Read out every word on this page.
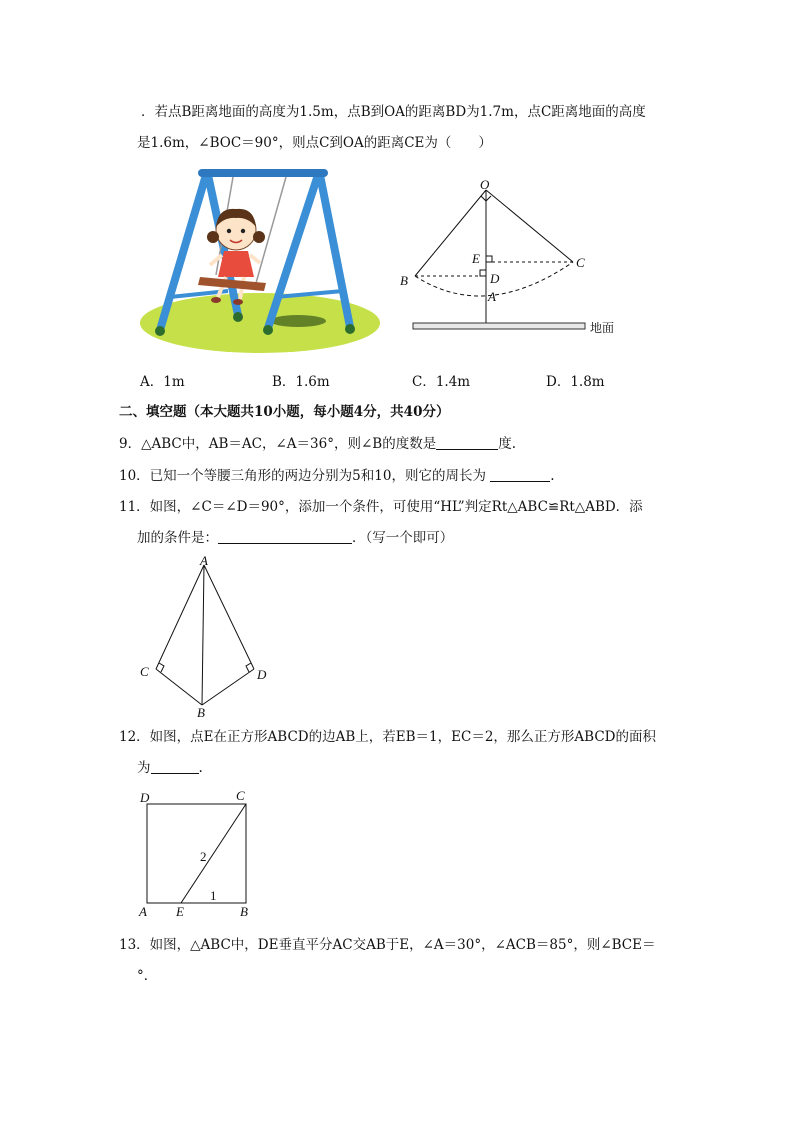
．若点B距离地面的高度为1.5m，点B到OA的距离BD为1.7m，点C距离地面的高度
是1.6m，∠BOC＝90°，则点C到OA的距离CE为（　　）
O
C
E
D
B
A
地面
A．1m	B．1.6m	C．1.4m	D．1.8m
二、填空题（本大题共10小题，每小题4分，共40分）
9．△ABC中，AB＝AC，∠A＝36°，则∠B的度数是	度.
10．已知一个等腰三角形的两边分别为5和10，则它的周长为	.
11．如图，∠C＝∠D＝90°，添加一个条件，可使用“HL”判定Rt△ABC≌Rt△ABD．添
加的条件是：	．（写一个即可）
A
C	D
B
12．如图，点E在正方形ABCD的边AB上，若EB＝1，EC＝2，那么正方形ABCD的面积
为	.
D	C
A E	B
2
1
13．如图，△ABC中，DE垂直平分AC交AB于E，∠A＝30°，∠ACB＝85°，则∠BCE＝
°．
